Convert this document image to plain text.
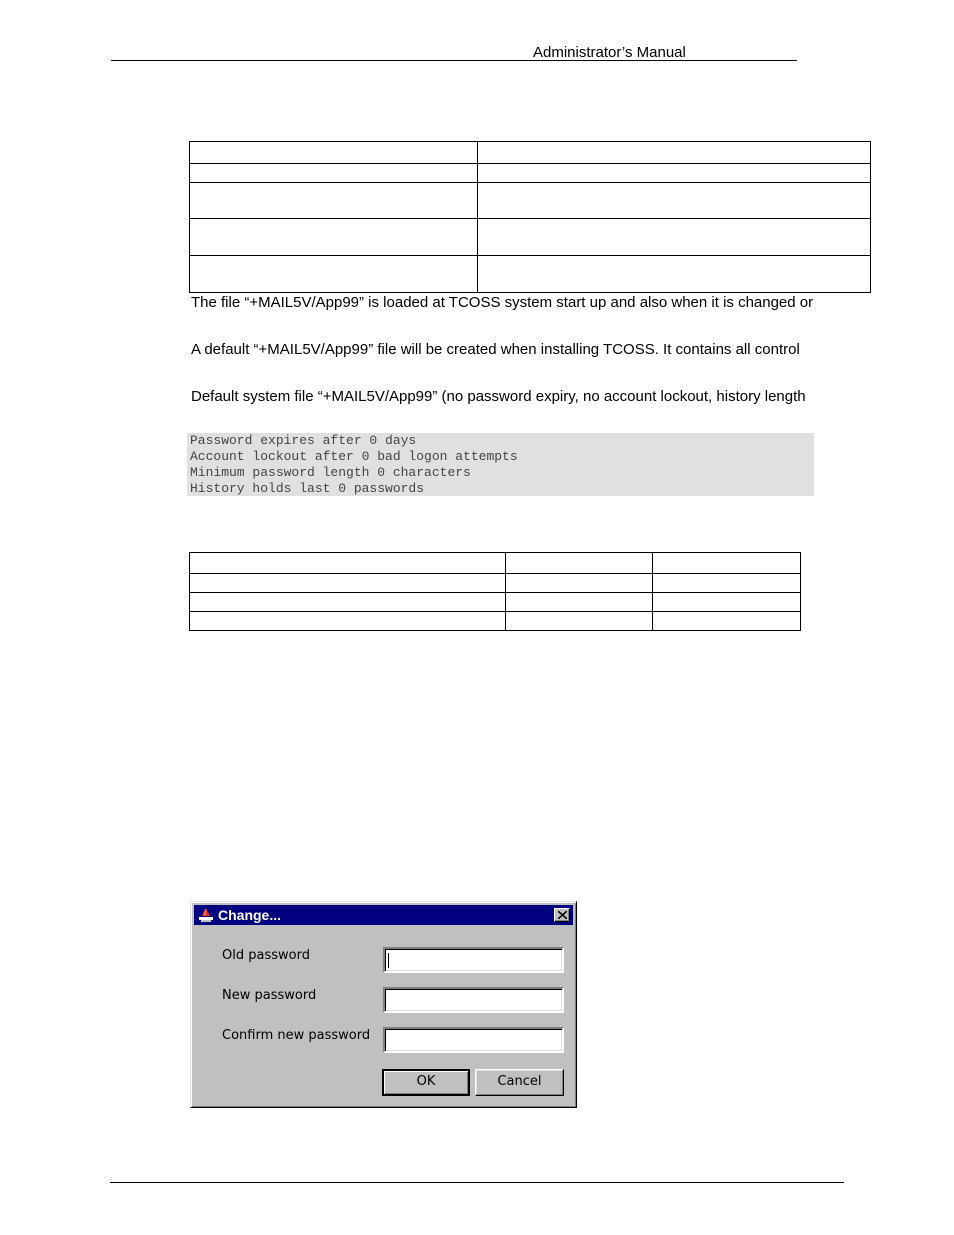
Administrator’s Manual

The file “+MAIL5V/App99” is loaded at TCOSS system start up and also when it is changed or
A default “+MAIL5V/App99” file will be created when installing TCOSS. It contains all control
Default system file “+MAIL5V/App99” (no password expiry, no account lockout, history length
Password expires after 0 days
Account lockout after 0 bad logon attempts
Minimum password length 0 characters
History holds last 0 passwords

Change...
Old password
New password
Confirm new password
OK	Cancel
